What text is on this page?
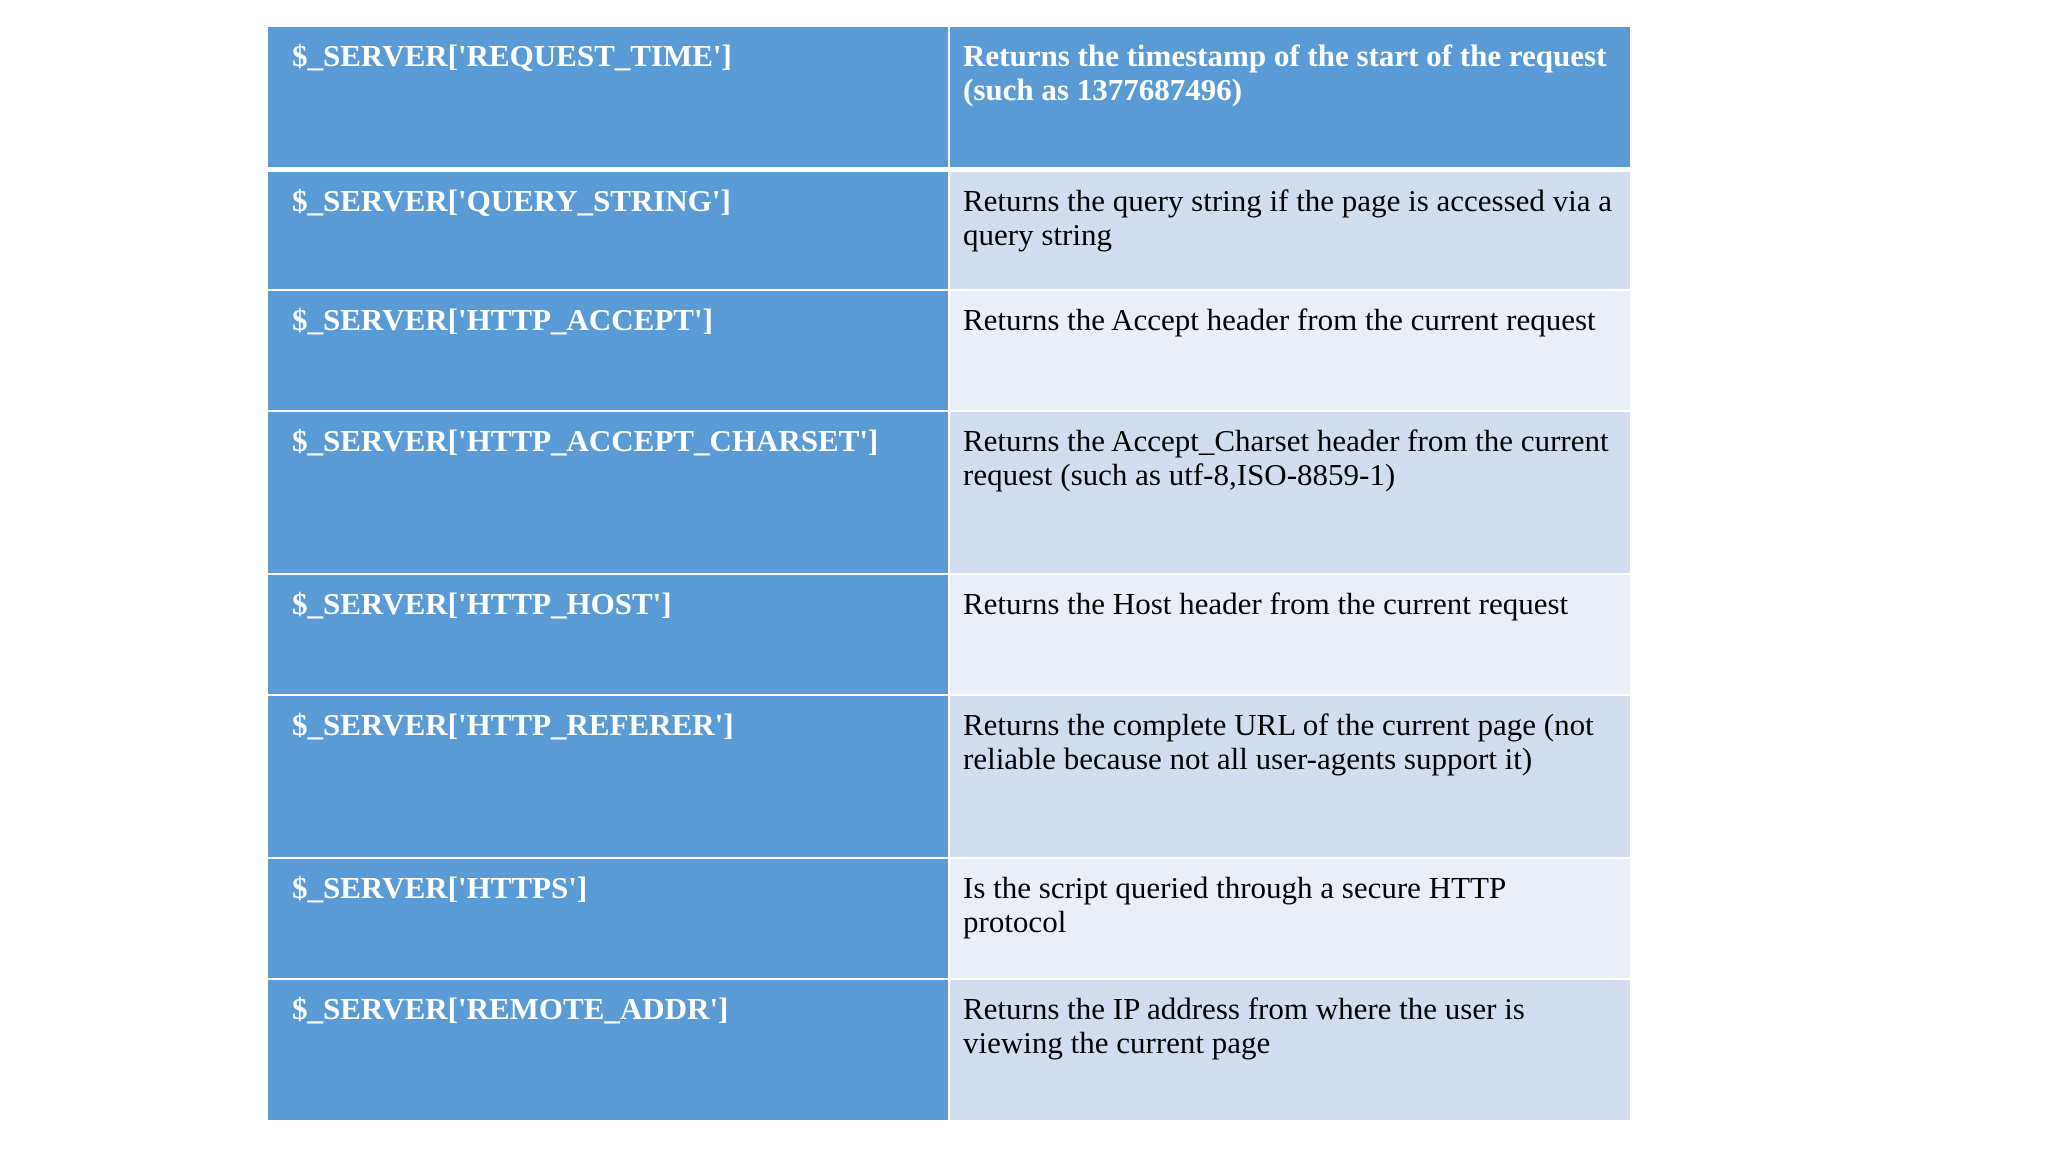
$_SERVER['REQUEST_TIME']	Returns the timestamp of the start of the request (such as 1377687496)
$_SERVER['QUERY_STRING']	Returns the query string if the page is accessed via a query string
$_SERVER['HTTP_ACCEPT']	Returns the Accept header from the current request
$_SERVER['HTTP_ACCEPT_CHARSET']	Returns the Accept_Charset header from the current request (such as utf-8,ISO-8859-1)
$_SERVER['HTTP_HOST']	Returns the Host header from the current request
$_SERVER['HTTP_REFERER']	Returns the complete URL of the current page (not reliable because not all user-agents support it)
$_SERVER['HTTPS']	Is the script queried through a secure HTTP protocol
$_SERVER['REMOTE_ADDR']	Returns the IP address from where the user is viewing the current page
